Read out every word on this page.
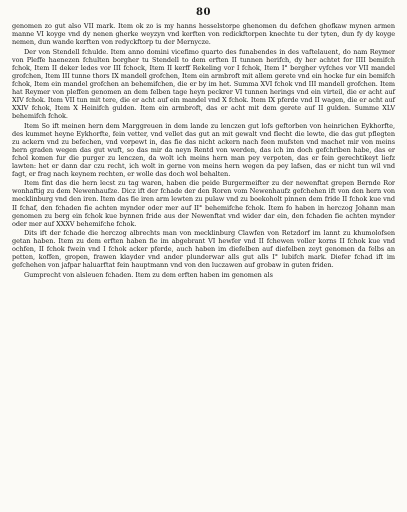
80

genomen zo gut also VII mark. Item ok zo is my hanns hesselstorpe ghenomen du defchen ghofkaw mynen armen manne VI koyge vnd dy nenen gherke weyzyn vnd kerften von redickftorpen knechte tu der tyten, dun fy dy koyge nemen, dun wande kerften von redyckftorp tu der Mernycze.

Der von Stendell fchulde. Item anno domini vicefimo quarto des funabendes in des vaftelauent, do nam Reymer von Pleffe haenezen fchulten borgher tu Stendell to dem erften II tunnen herifch, dy her achtet for IIII bemifch fchok, Item II deker ledes vor III fchock, Item II kerff Rekeling vor I fchok, Item I° bergher vyfches vor VII mandel grofchen, Item III tunne thors IX mandell grofchen, Item ein armbroft mit allem gerete vnd ein hocke fur ein bemifch fchok, Item ein mandel grofchen an behemifchen, die er by im het. Summa XVI fchok vnd III mandell grofchen. Item hat Reymer von pleffen genomen an dem felben tage heyn peckrer VI tunnen herings vnd ein virteil, die er acht auf XIV fchok. Item VII tun mit tere, die er acht auf ein mandel vnd X fchok. Item IX pferde vnd II wagen, die er acht auf XXIV fchok, Item X Heinifch gulden. Item ein armbroft, das er acht mit dem gerete auf II gulden. Summe XLV behemifch fchok.

Item So ift meinen hern dem Marggreuen in dem lande zu lenczen gut lofs geftorben von heinrichen Eykhorfte, des kummet heyne Eykhorfte, fein vetter, vnd vellet das gut an mit gewalt vnd flecht die lewte, die das gut pflegten zu ackern vnd zu befechen, vnd vorpewt in, das fie das nicht ackern nach feen mufsten vnd machet mir von meins hern graden wegen das gut wuft, so das mir da neyn Rentd von werden, das ich im doch gefchriben habe, das er fchol komen fur die purger zu lenczen, da wolt ich meins hern man pey verpoten, das er fein gerechtikeyt liefz lawten: het er dann dar czu recht, ich wolt in gerne von meins hern wegen da pey lafsen, das er nicht tun wil vnd fagt, er frag nach keynem rechten, er wolle das doch wol behalten.

Item fint das die hern lecst zu tag waren, haben die peide Burgermeifter zu der newenftat grepen Bernde Ror wonhaftig zu dem Newenhaufze. Dicz ift der fchade der den Roren vom Newenhaufz gefchehen ift von den hern von mecklinburg vnd den iren. Item das fie iren arm lewten zu pulaw vnd zu boekoholt pinnen dem fride II fchok kue vnd II fchaf, den fchaden fie achten mynder oder mer auf II° behemifche fchok. Item fo haben in herczog Johann man genomen zu berg ein fchok kue bynnen fride aus der Newenftat vnd wider dar ein, den fchaden fie achten mynder oder mer auf XXXV behemifche fchok.

Dits ift der fchade die herczog albrechts man von mecklinburg Clawfen von Retzdorf im lannt zu khumolofsen getan haben. Item zu dem erften haben fie im abgebrant VI hewfer vnd II fchewen voller korns II fchok kue vnd ochfen, II fchok fwein vnd I fchok acker pferde, auch haben im diefelben auf diefelben zeyt genomen da felbs an petten, koffen, gropen, frawen klayder vnd ander plunderwar alls gut alls I° lubifch mark. Diefer fchad ift im gefchehen von jafpar haluarftat fein hauptmann vnd von den luczawen auf grobaw in guten friden.

Gumprecht von alsleuen fchaden. Item zu dem erften haben im genomen als
